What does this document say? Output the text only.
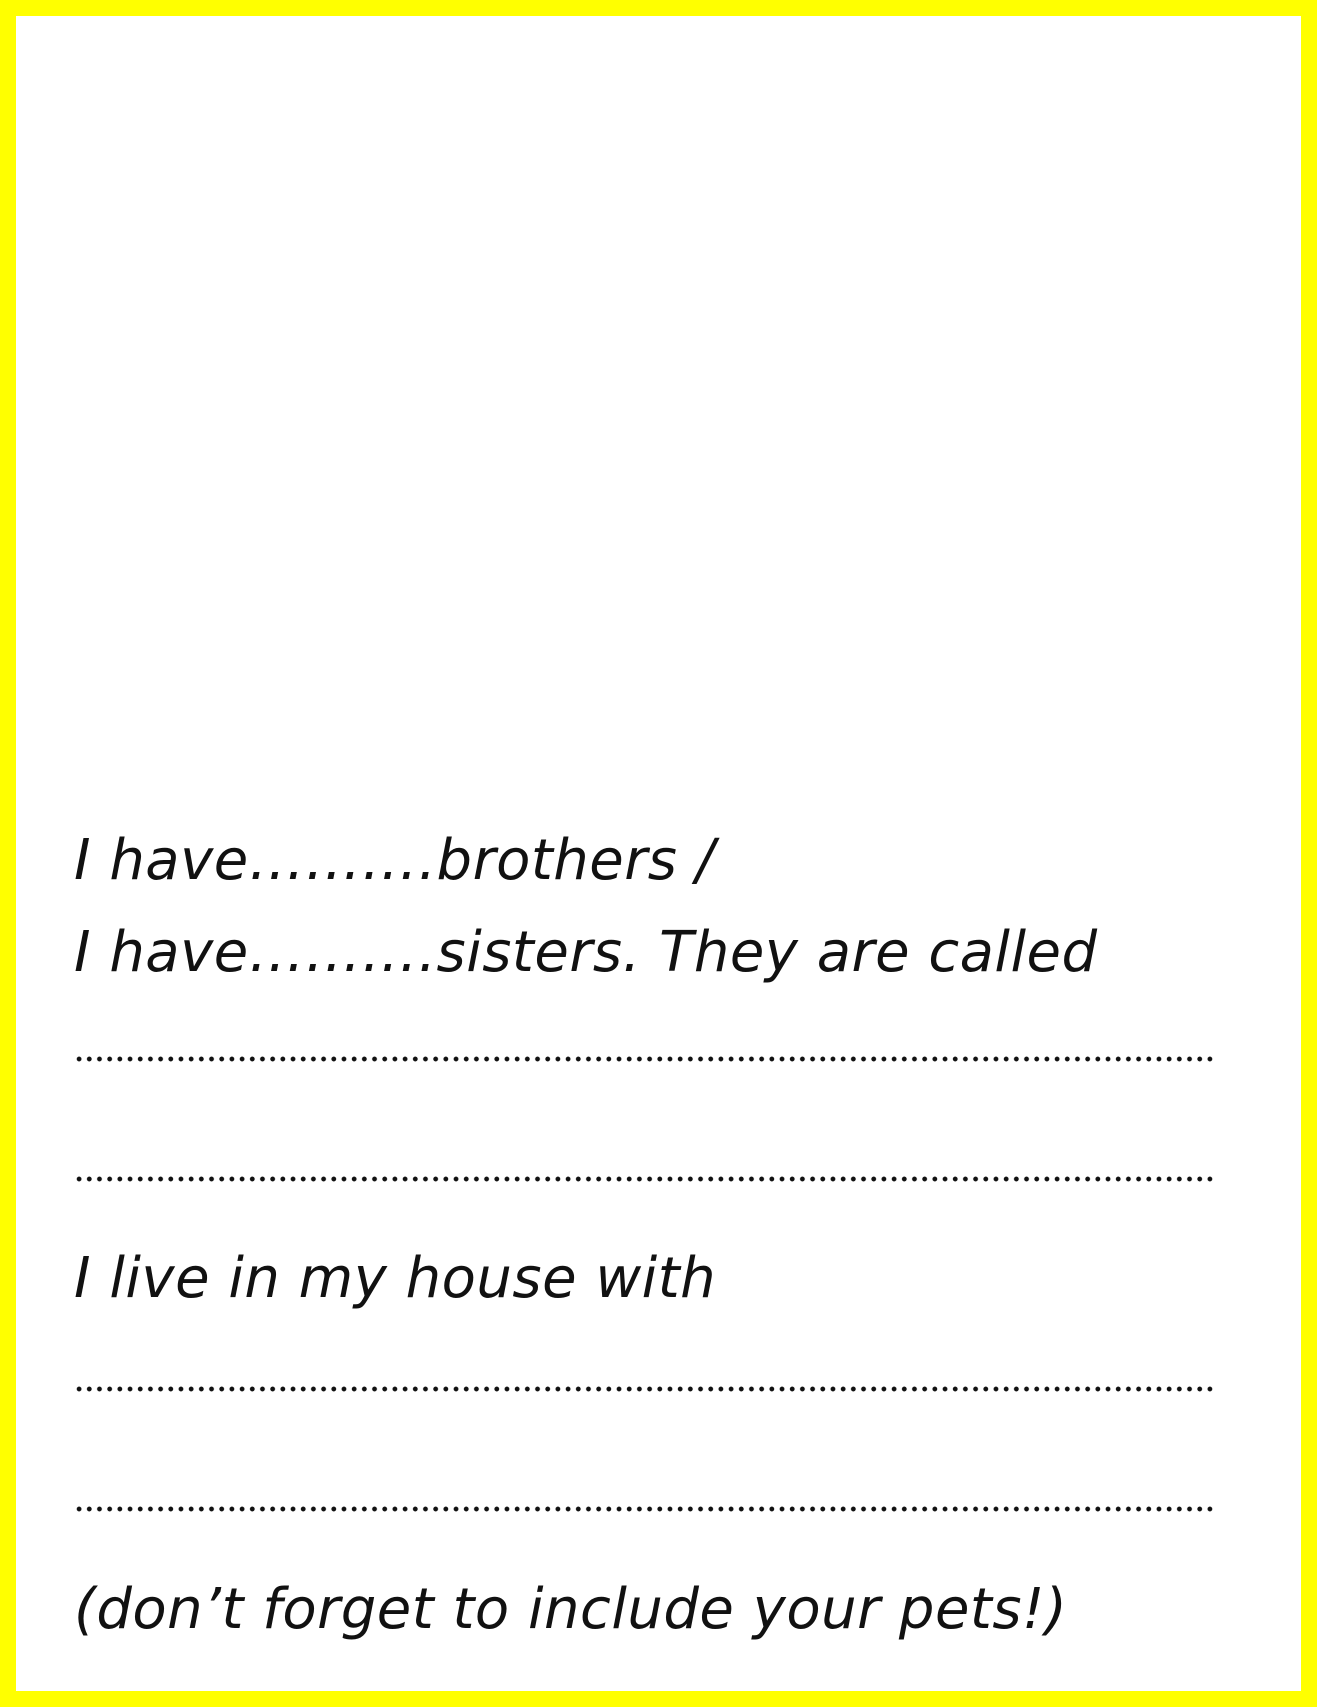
I have……….brothers /

I have……….sisters. They are called

I live in my house with

(don’t forget to include your pets!)
